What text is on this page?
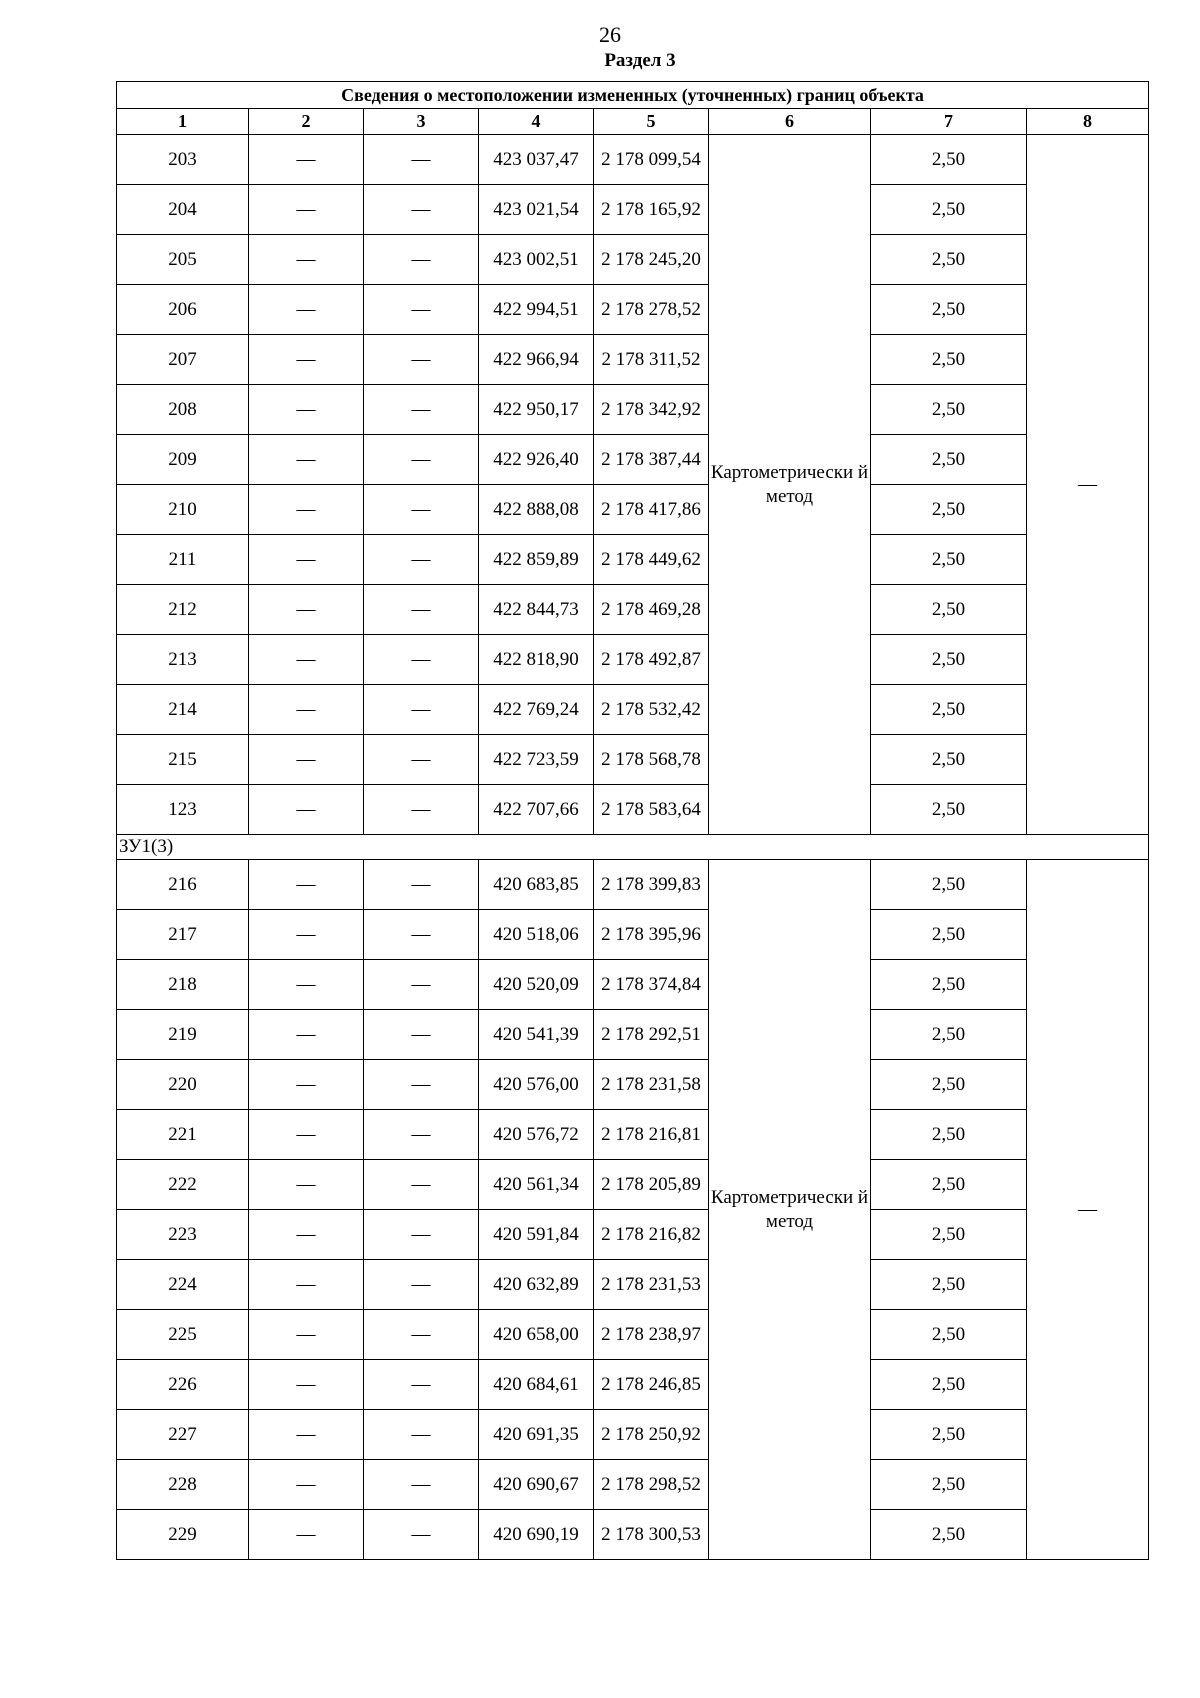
26
Раздел 3
Сведения о местоположении измененных (уточненных) границ объекта							
1	2	3	4	5	6	7	8
203	—	—	423 037,47	2 178 099,54	Картометрически й метод	2,50	—
204	—	—	423 021,54	2 178 165,92		2,50	
205	—	—	423 002,51	2 178 245,20		2,50	
206	—	—	422 994,51	2 178 278,52		2,50	
207	—	—	422 966,94	2 178 311,52		2,50	
208	—	—	422 950,17	2 178 342,92		2,50	
209	—	—	422 926,40	2 178 387,44		2,50	
210	—	—	422 888,08	2 178 417,86		2,50	
211	—	—	422 859,89	2 178 449,62		2,50	
212	—	—	422 844,73	2 178 469,28		2,50	
213	—	—	422 818,90	2 178 492,87		2,50	
214	—	—	422 769,24	2 178 532,42		2,50	
215	—	—	422 723,59	2 178 568,78		2,50	
123	—	—	422 707,66	2 178 583,64		2,50	
ЗУ1(3)							
216	—	—	420 683,85	2 178 399,83	Картометрически й метод	2,50	—
217	—	—	420 518,06	2 178 395,96		2,50	
218	—	—	420 520,09	2 178 374,84		2,50	
219	—	—	420 541,39	2 178 292,51		2,50	
220	—	—	420 576,00	2 178 231,58		2,50	
221	—	—	420 576,72	2 178 216,81		2,50	
222	—	—	420 561,34	2 178 205,89		2,50	
223	—	—	420 591,84	2 178 216,82		2,50	
224	—	—	420 632,89	2 178 231,53		2,50	
225	—	—	420 658,00	2 178 238,97		2,50	
226	—	—	420 684,61	2 178 246,85		2,50	
227	—	—	420 691,35	2 178 250,92		2,50	
228	—	—	420 690,67	2 178 298,52		2,50	
229	—	—	420 690,19	2 178 300,53		2,50	
